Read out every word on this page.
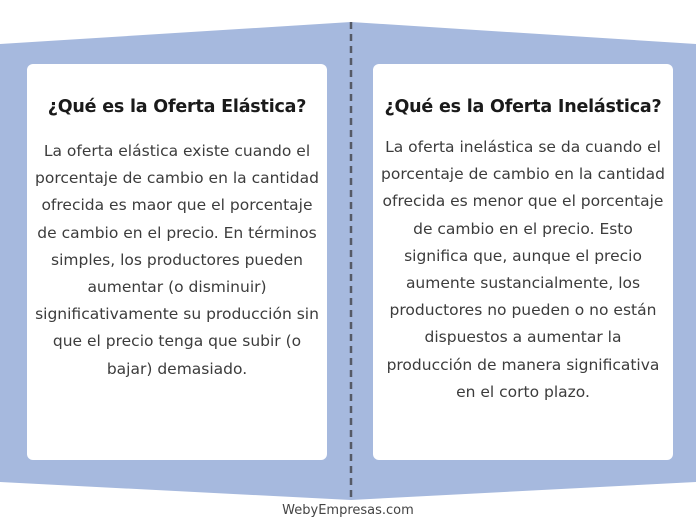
¿Qué es la Oferta Elástica?

La oferta elástica existe cuando el porcentaje de cambio en la cantidad ofrecida es maor que el porcentaje de cambio en el precio. En términos simples, los productores pueden aumentar (o disminuir) significativamente su producción sin que el precio tenga que subir (o bajar) demasiado.

¿Qué es la Oferta Inelástica?

La oferta inelástica se da cuando el porcentaje de cambio en la cantidad ofrecida es menor que el porcentaje de cambio en el precio. Esto significa que, aunque el precio aumente sustancialmente, los productores no pueden o no están dispuestos a aumentar la producción de manera significativa en el corto plazo.

WebyEmpresas.com
